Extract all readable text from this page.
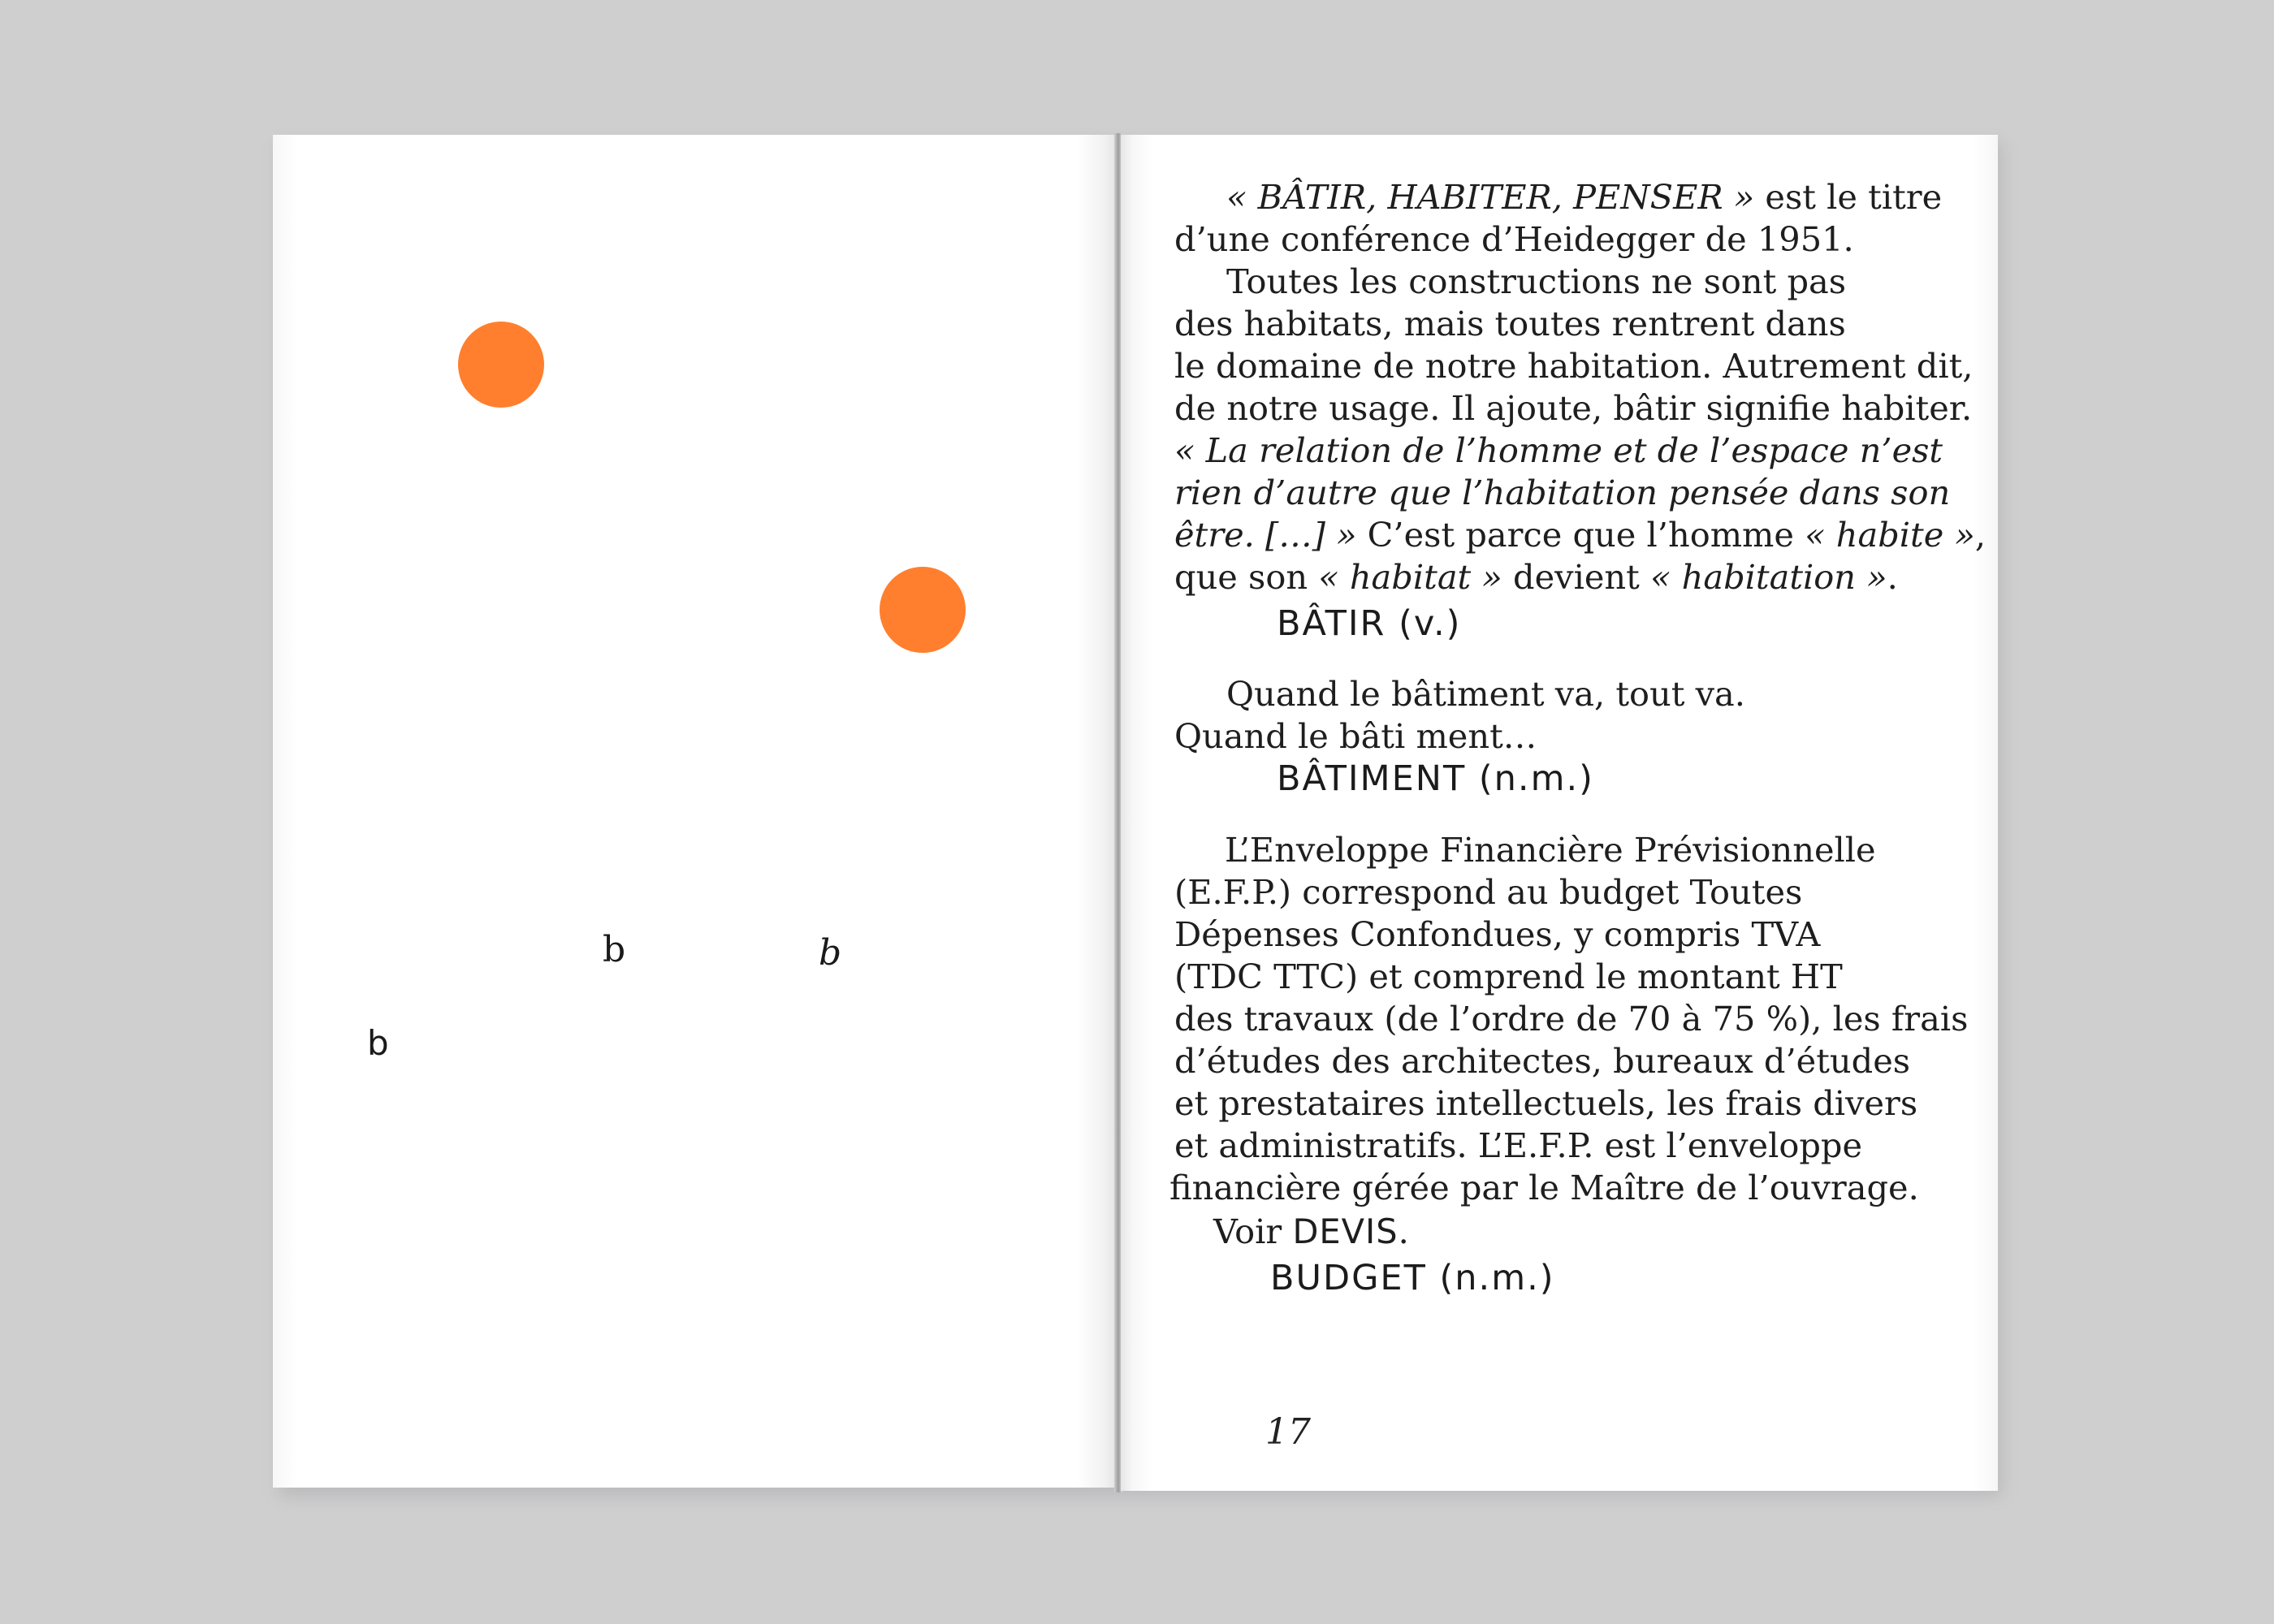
b	b
b
« BÂTIR, HABITER, PENSER » est le titre
d’une conférence d’Heidegger de 1951.
Toutes les constructions ne sont pas
des habitats, mais toutes rentrent dans
le domaine de notre habitation. Autrement dit,
de notre usage. Il ajoute, bâtir signifie habiter.
« La relation de l’homme et de l’espace n’est
rien d’autre que l’habitation pensée dans son
être. […] » C’est parce que l’homme « habite »,
que son « habitat » devient « habitation ».
BÂTIR (v.)
Quand le bâtiment va, tout va.
Quand le bâti ment…
BÂTIMENT (n.m.)
L’Enveloppe Financière Prévisionnelle
(E.F.P.) correspond au budget Toutes
Dépenses Confondues, y compris TVA
(TDC TTC) et comprend le montant HT
des travaux (de l’ordre de 70 à 75 %), les frais
d’études des architectes, bureaux d’études
et prestataires intellectuels, les frais divers
et administratifs. L’E.F.P. est l’enveloppe
financière gérée par le Maître de l’ouvrage.
Voir DEVIS.
BUDGET (n.m.)
17
